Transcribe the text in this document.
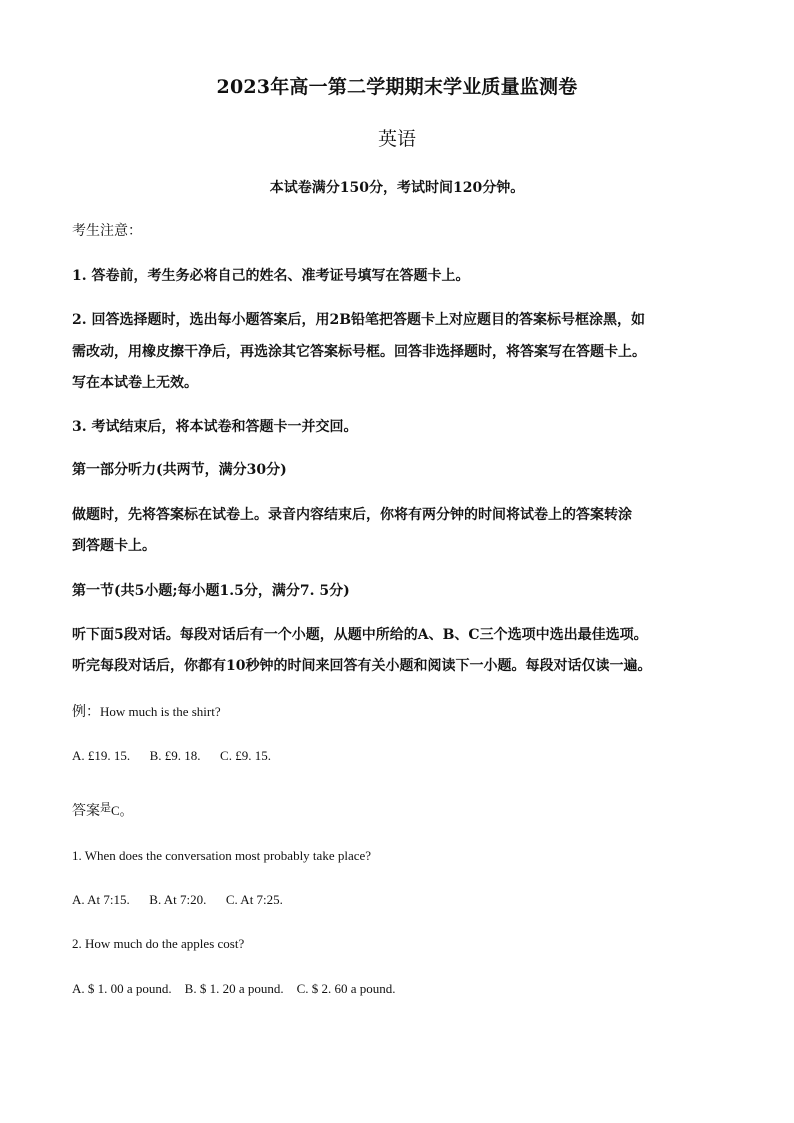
2023年高一第二学期期末学业质量监测卷
英语
本试卷满分150分，考试时间120分钟。
考生注意：
1. 答卷前，考生务必将自己的姓名、准考证号填写在答题卡上。
2. 回答选择题时，选出每小题答案后，用2B铅笔把答题卡上对应题目的答案标号框涂黑，如
需改动，用橡皮擦干净后，再选涂其它答案标号框。回答非选择题时，将答案写在答题卡上。
写在本试卷上无效。
3. 考试结束后，将本试卷和答题卡一并交回。
第一部分听力(共两节，满分30分)
做题时，先将答案标在试卷上。录音内容结束后，你将有两分钟的时间将试卷上的答案转涂
到答题卡上。
第一节(共5小题;每小题1.5分，满分7. 5分)
听下面5段对话。每段对话后有一个小题，从题中所给的A、B、C三个选项中选出最佳选项。
听完每段对话后，你都有10秒钟的时间来回答有关小题和阅读下一小题。每段对话仅读一遍。
例：How much is the shirt?
A. £19. 15.      B. £9. 18.      C. £9. 15.
答案$^是$C。
1. When does the conversation most probably take place?
A. At 7:15.      B. At 7:20.      C. At 7:25.
2. How much do the apples cost?
A. $ 1. 00 a pound.    B. $ 1. 20 a pound.    C. $ 2. 60 a pound.
